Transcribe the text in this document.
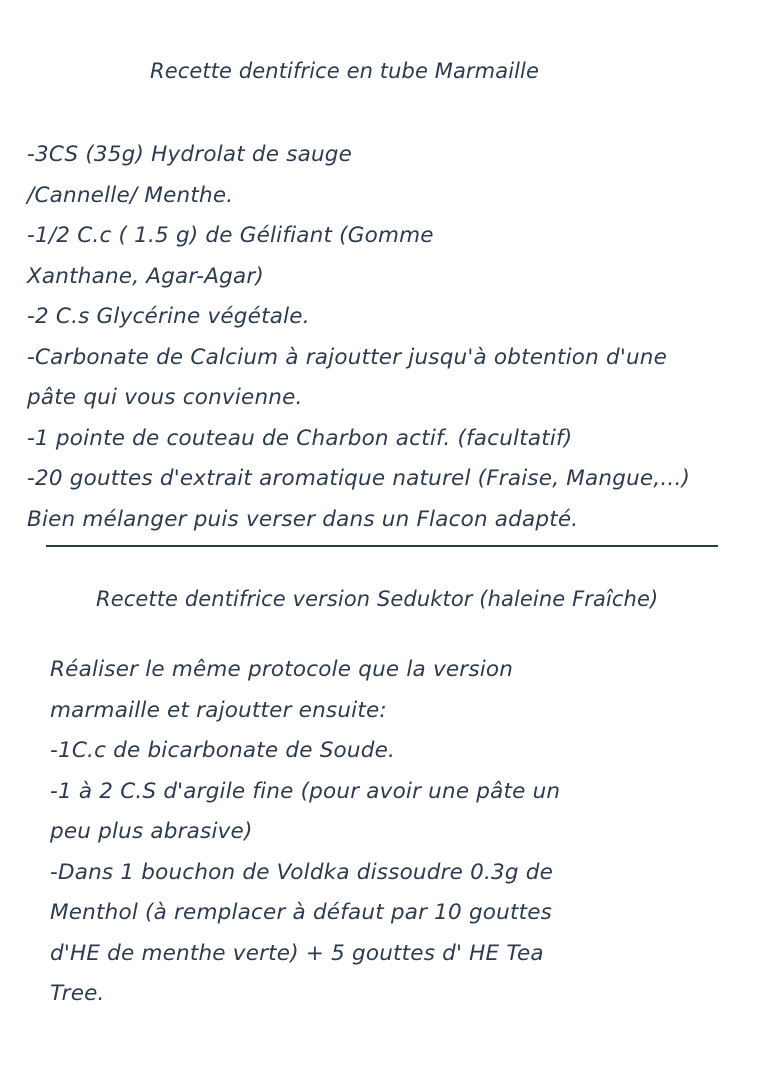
Recette dentifrice en tube Marmaille
-3CS (35g) Hydrolat de sauge
/Cannelle/ Menthe.
-1/2 C.c ( 1.5 g) de Gélifiant (Gomme
Xanthane, Agar-Agar)
-2 C.s Glycérine végétale.
-Carbonate de Calcium à rajoutter jusqu'à obtention d'une
pâte qui vous convienne.
-1 pointe de couteau de Charbon actif. (facultatif)
-20 gouttes d'extrait aromatique naturel (Fraise, Mangue,...)
Bien mélanger puis verser dans un Flacon adapté.
Recette dentifrice version Seduktor (haleine Fraîche)
Réaliser le même protocole que la version
marmaille et rajoutter ensuite:
-1C.c de bicarbonate de Soude.
-1 à 2 C.S d'argile fine (pour avoir une pâte un
peu plus abrasive)
-Dans 1 bouchon de Voldka dissoudre 0.3g de
Menthol (à remplacer à défaut par 10 gouttes
d'HE de menthe verte) + 5 gouttes d' HE Tea
Tree.
